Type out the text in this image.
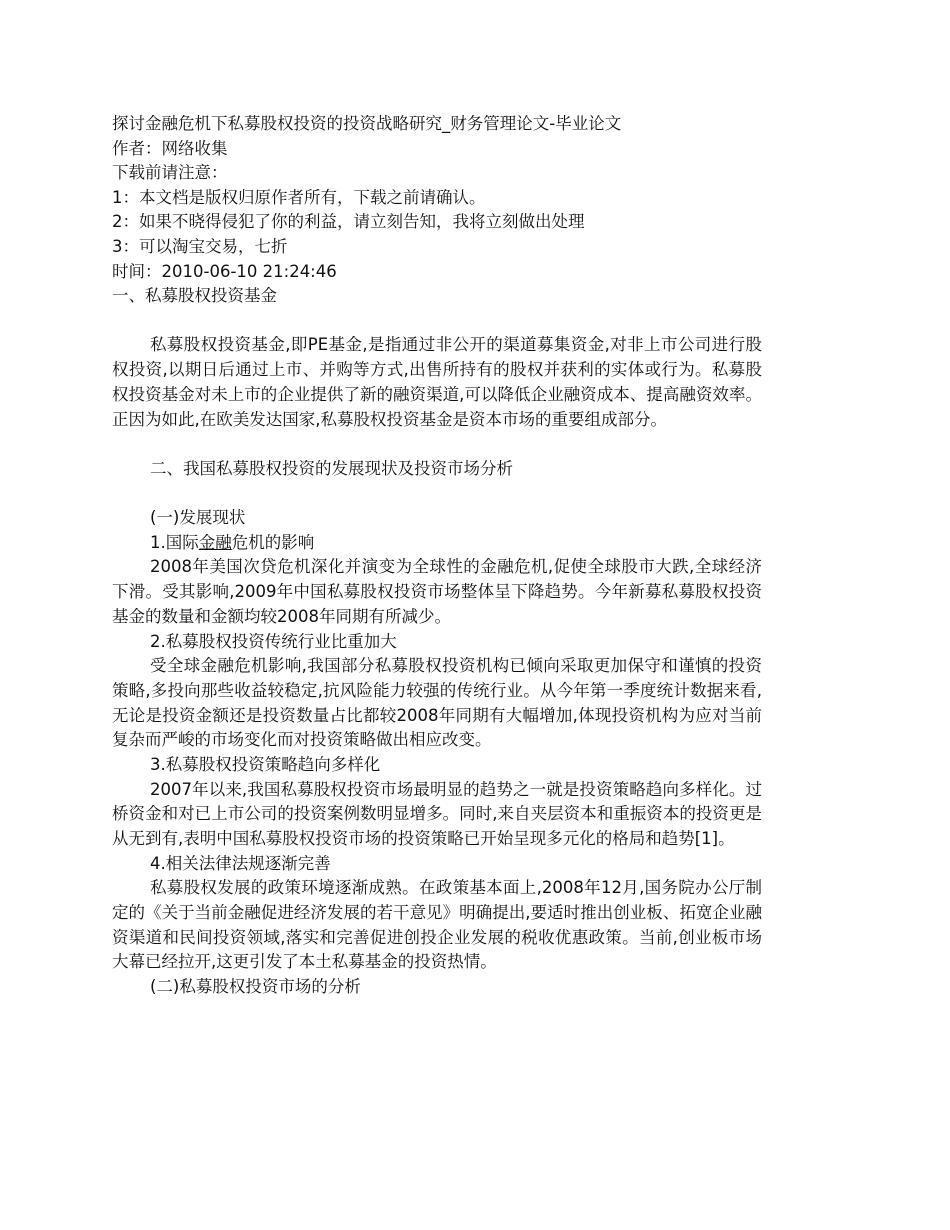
探讨金融危机下私募股权投资的投资战略研究_财务管理论文-毕业论文
作者：网络收集
下载前请注意：
1：本文档是版权归原作者所有，下载之前请确认。
2：如果不晓得侵犯了你的利益，请立刻告知，我将立刻做出处理
3：可以淘宝交易，七折
时间：2010-06-10 21:24:46
一、私募股权投资基金
私募股权投资基金,即PE基金,是指通过非公开的渠道募集资金,对非上市公司进行股权投资,以期日后通过上市、并购等方式,出售所持有的股权并获利的实体或行为。私募股权投资基金对未上市的企业提供了新的融资渠道,可以降低企业融资成本、提高融资效率。正因为如此,在欧美发达国家,私募股权投资基金是资本市场的重要组成部分。
二、我国私募股权投资的发展现状及投资市场分析
(一)发展现状
1.国际金融危机的影响
2008年美国次贷危机深化并演变为全球性的金融危机,促使全球股市大跌,全球经济下滑。受其影响,2009年中国私募股权投资市场整体呈下降趋势。今年新募私募股权投资基金的数量和金额均较2008年同期有所减少。
2.私募股权投资传统行业比重加大
受全球金融危机影响,我国部分私募股权投资机构已倾向采取更加保守和谨慎的投资策略,多投向那些收益较稳定,抗风险能力较强的传统行业。从今年第一季度统计数据来看,无论是投资金额还是投资数量占比都较2008年同期有大幅增加,体现投资机构为应对当前复杂而严峻的市场变化而对投资策略做出相应改变。
3.私募股权投资策略趋向多样化
2007年以来,我国私募股权投资市场最明显的趋势之一就是投资策略趋向多样化。过桥资金和对已上市公司的投资案例数明显增多。同时,来自夹层资本和重振资本的投资更是从无到有,表明中国私募股权投资市场的投资策略已开始呈现多元化的格局和趋势[1]。
4.相关法律法规逐渐完善
私募股权发展的政策环境逐渐成熟。在政策基本面上,2008年12月,国务院办公厅制定的《关于当前金融促进经济发展的若干意见》明确提出,要适时推出创业板、拓宽企业融资渠道和民间投资领域,落实和完善促进创投企业发展的税收优惠政策。当前,创业板市场大幕已经拉开,这更引发了本土私募基金的投资热情。
(二)私募股权投资市场的分析
